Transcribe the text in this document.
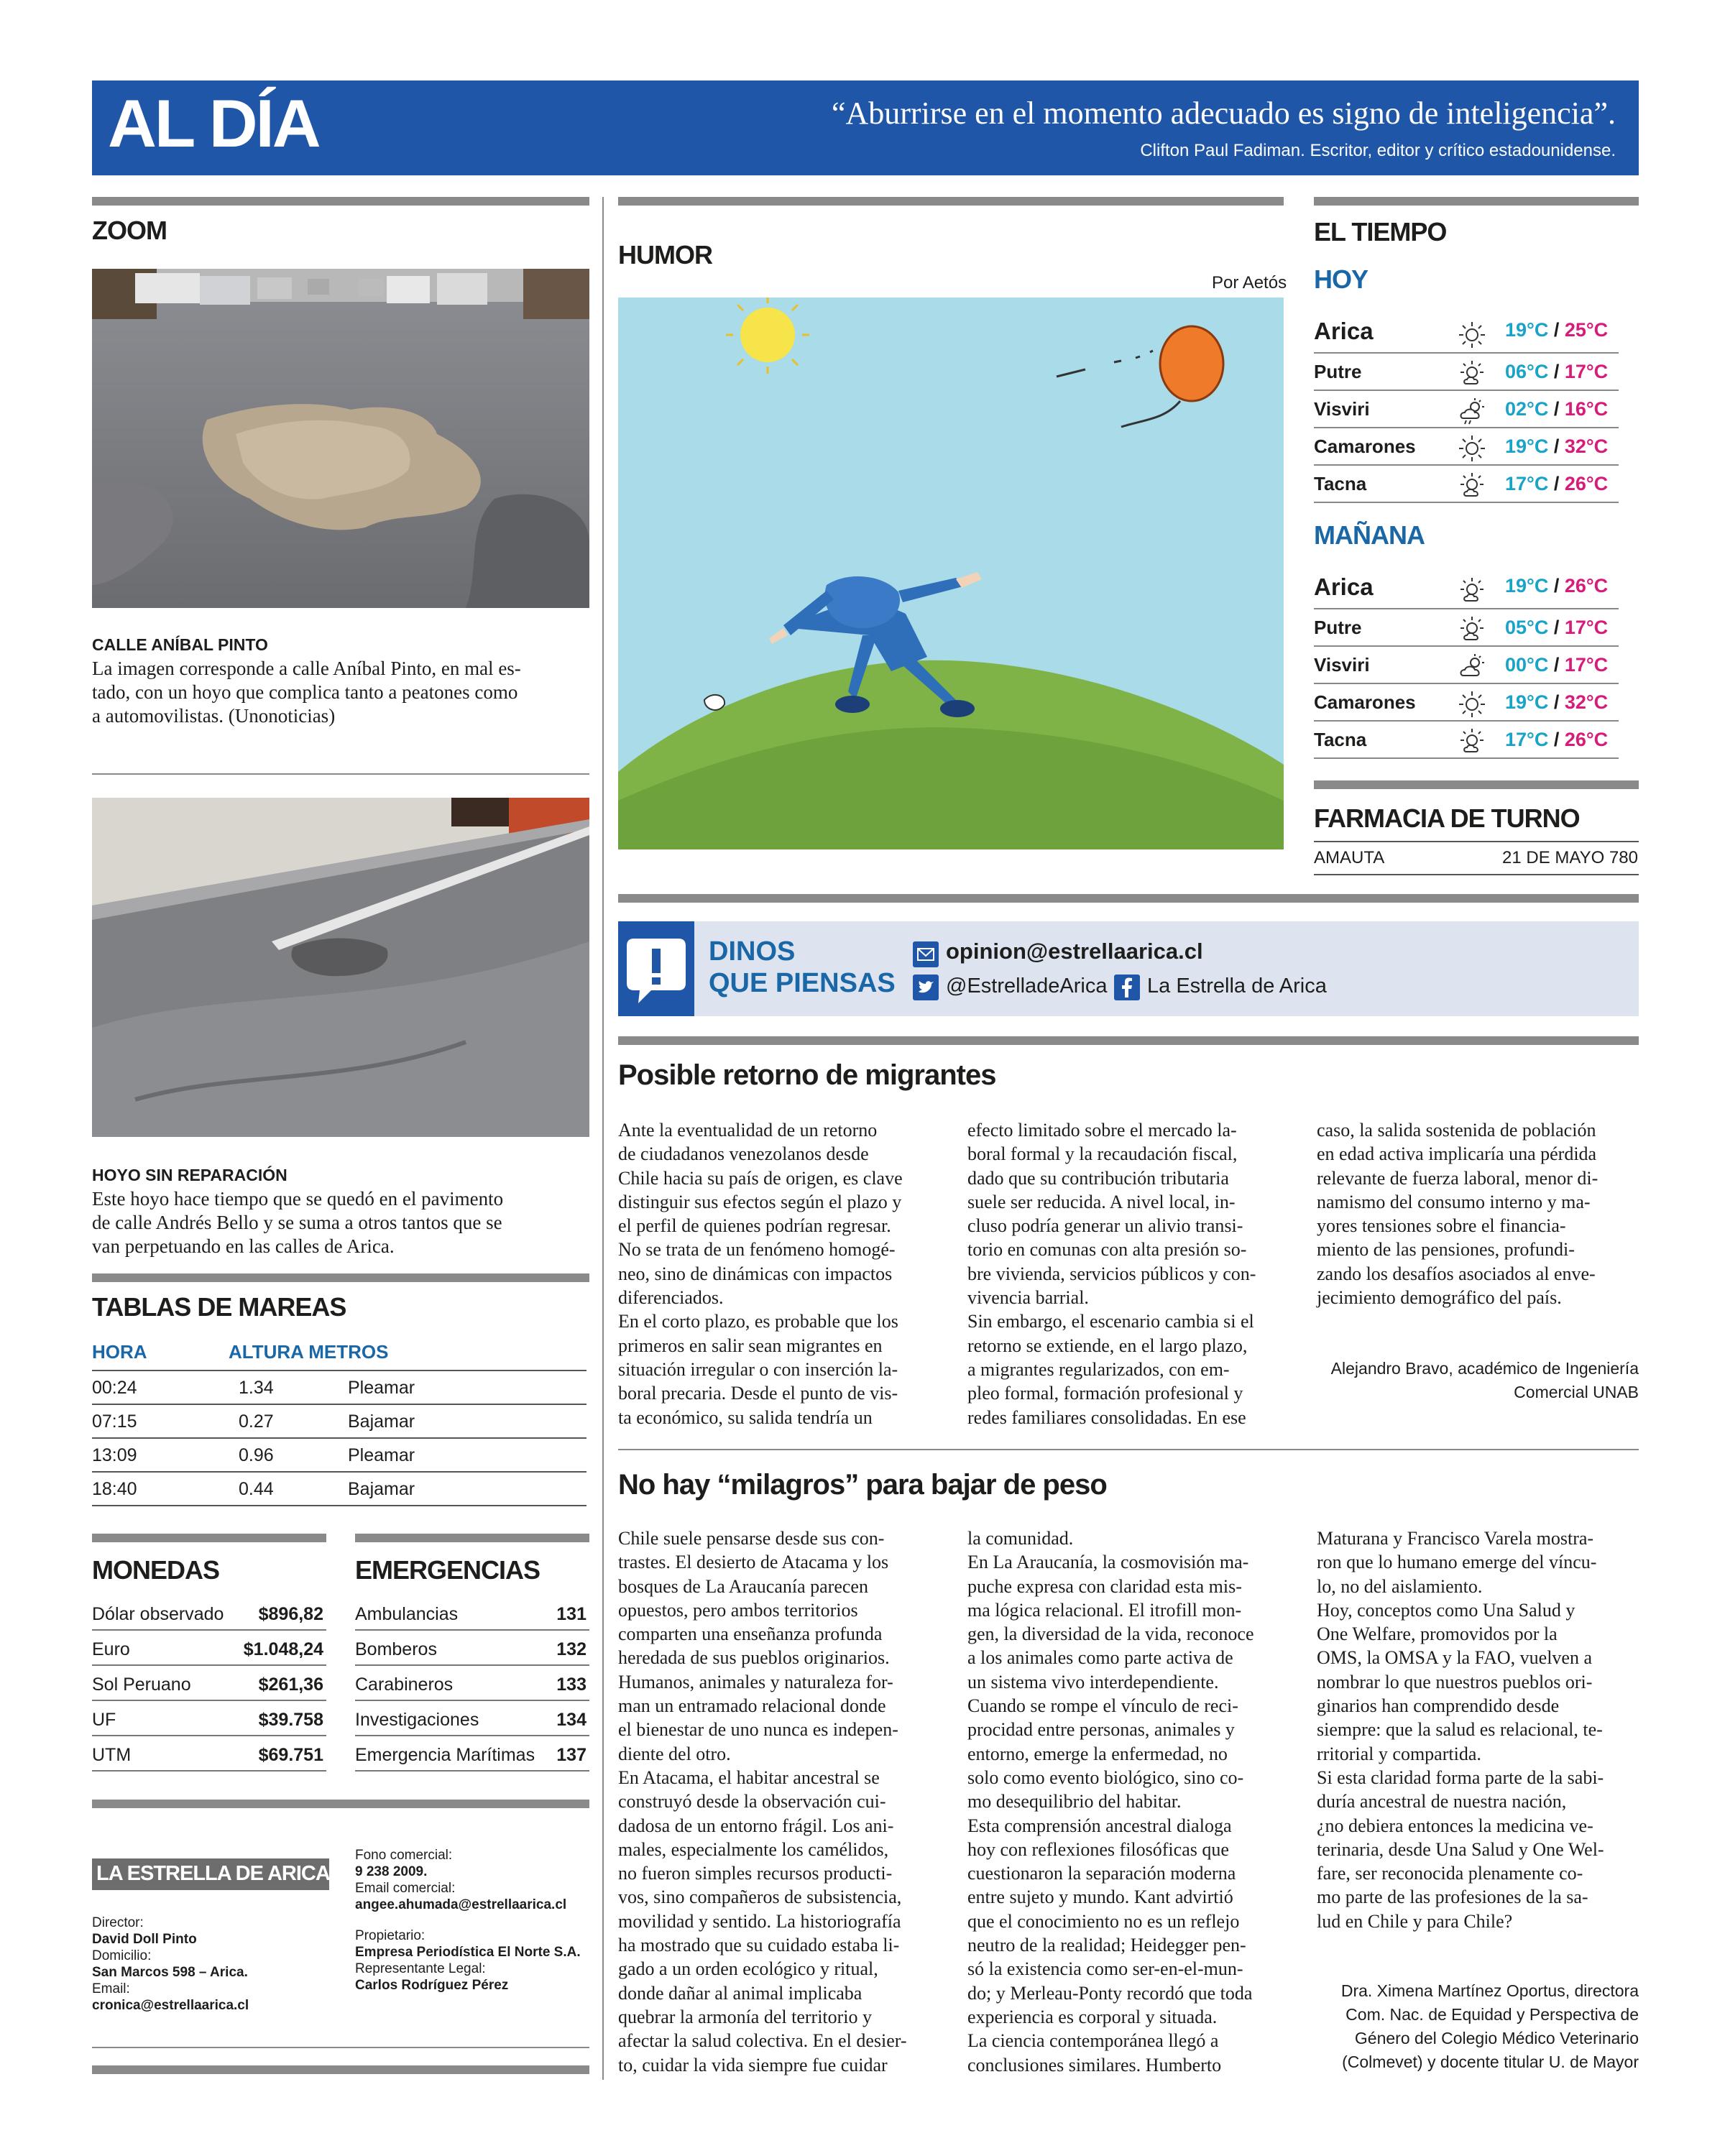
AL DÍA	“Aburrirse en el momento adecuado es signo de inteligencia”.
Clifton Paul Fadiman. Escritor, editor y crítico estadounidense.
ZOOM
CALLE ANÍBAL PINTO
La imagen corresponde a calle Aníbal Pinto, en mal es-
tado, con un hoyo que complica tanto a peatones como
a automovilistas. (Unonoticias)
HOYO SIN REPARACIÓN
Este hoyo hace tiempo que se quedó en el pavimento
de calle Andrés Bello y se suma a otros tantos que se
van perpetuando en las calles de Arica.
TABLAS DE MAREAS
HORA	ALTURA METROS
00:24	1.34	Pleamar
07:15	0.27	Bajamar
13:09	0.96	Pleamar
18:40	0.44	Bajamar
MONEDAS
Dólar observado $896,82
Euro	$1.048,24
Sol Peruano	$261,36
UF	$39.758
UTM	$69.751
EMERGENCIAS
Ambulancias	131
Bomberos	132
Carabineros	133
Investigaciones	134
Emergencia Marítimas 137
LA ESTRELLA DE ARICA
Director:
David Doll Pinto
Domicilio:
San Marcos 598 – Arica.
Email:
cronica@estrellaarica.cl
Fono comercial:
9 238 2009.
Email comercial:
angee.ahumada@estrellaarica.cl
Propietario:
Empresa Periodística El Norte S.A.
Representante Legal:
Carlos Rodríguez Pérez
HUMOR
Por Aetós
EL TIEMPO
HOY
Arica	19°C / 25°C
Putre	06°C / 17°C
Visviri	02°C / 16°C
Camarones	19°C / 32°C
Tacna	17°C / 26°C
MAÑANA
Arica	19°C / 26°C
Putre	05°C / 17°C
Visviri	00°C / 17°C
Camarones	19°C / 32°C
Tacna	17°C / 26°C
FARMACIA DE TURNO
AMAUTA	21 DE MAYO 780
DINOS
QUE PIENSAS
opinion@estrellaarica.cl
@EstrelladeArica La Estrella de Arica
Posible retorno de migrantes
Ante la eventualidad de un retorno
de ciudadanos venezolanos desde
Chile hacia su país de origen, es clave
distinguir sus efectos según el plazo y
el perfil de quienes podrían regresar.
No se trata de un fenómeno homogé-
neo, sino de dinámicas con impactos
diferenciados.
En el corto plazo, es probable que los
primeros en salir sean migrantes en
situación irregular o con inserción la-
boral precaria. Desde el punto de vis-
ta económico, su salida tendría un
efecto limitado sobre el mercado la-
boral formal y la recaudación fiscal,
dado que su contribución tributaria
suele ser reducida. A nivel local, in-
cluso podría generar un alivio transi-
torio en comunas con alta presión so-
bre vivienda, servicios públicos y con-
vivencia barrial.
Sin embargo, el escenario cambia si el
retorno se extiende, en el largo plazo,
a migrantes regularizados, con em-
pleo formal, formación profesional y
redes familiares consolidadas. En ese
caso, la salida sostenida de población
en edad activa implicaría una pérdida
relevante de fuerza laboral, menor di-
namismo del consumo interno y ma-
yores tensiones sobre el financia-
miento de las pensiones, profundi-
zando los desafíos asociados al enve-
jecimiento demográfico del país.
Alejandro Bravo, académico de Ingeniería
Comercial UNAB
No hay “milagros” para bajar de peso
Chile suele pensarse desde sus con-
trastes. El desierto de Atacama y los
bosques de La Araucanía parecen
opuestos, pero ambos territorios
comparten una enseñanza profunda
heredada de sus pueblos originarios.
Humanos, animales y naturaleza for-
man un entramado relacional donde
el bienestar de uno nunca es indepen-
diente del otro.
En Atacama, el habitar ancestral se
construyó desde la observación cui-
dadosa de un entorno frágil. Los ani-
males, especialmente los camélidos,
no fueron simples recursos producti-
vos, sino compañeros de subsistencia,
movilidad y sentido. La historiografía
ha mostrado que su cuidado estaba li-
gado a un orden ecológico y ritual,
donde dañar al animal implicaba
quebrar la armonía del territorio y
afectar la salud colectiva. En el desier-
to, cuidar la vida siempre fue cuidar
la comunidad.
En La Araucanía, la cosmovisión ma-
puche expresa con claridad esta mis-
ma lógica relacional. El itrofill mon-
gen, la diversidad de la vida, reconoce
a los animales como parte activa de
un sistema vivo interdependiente.
Cuando se rompe el vínculo de reci-
procidad entre personas, animales y
entorno, emerge la enfermedad, no
solo como evento biológico, sino co-
mo desequilibrio del habitar.
Esta comprensión ancestral dialoga
hoy con reflexiones filosóficas que
cuestionaron la separación moderna
entre sujeto y mundo. Kant advirtió
que el conocimiento no es un reflejo
neutro de la realidad; Heidegger pen-
só la existencia como ser-en-el-mun-
do; y Merleau-Ponty recordó que toda
experiencia es corporal y situada.
La ciencia contemporánea llegó a
conclusiones similares. Humberto
Maturana y Francisco Varela mostra-
ron que lo humano emerge del víncu-
lo, no del aislamiento.
Hoy, conceptos como Una Salud y
One Welfare, promovidos por la
OMS, la OMSA y la FAO, vuelven a
nombrar lo que nuestros pueblos ori-
ginarios han comprendido desde
siempre: que la salud es relacional, te-
rritorial y compartida.
Si esta claridad forma parte de la sabi-
duría ancestral de nuestra nación,
¿no debiera entonces la medicina ve-
terinaria, desde Una Salud y One Wel-
fare, ser reconocida plenamente co-
mo parte de las profesiones de la sa-
lud en Chile y para Chile?
Dra. Ximena Martínez Oportus, directora
Com. Nac. de Equidad y Perspectiva de
Género del Colegio Médico Veterinario
(Colmevet) y docente titular U. de Mayor
